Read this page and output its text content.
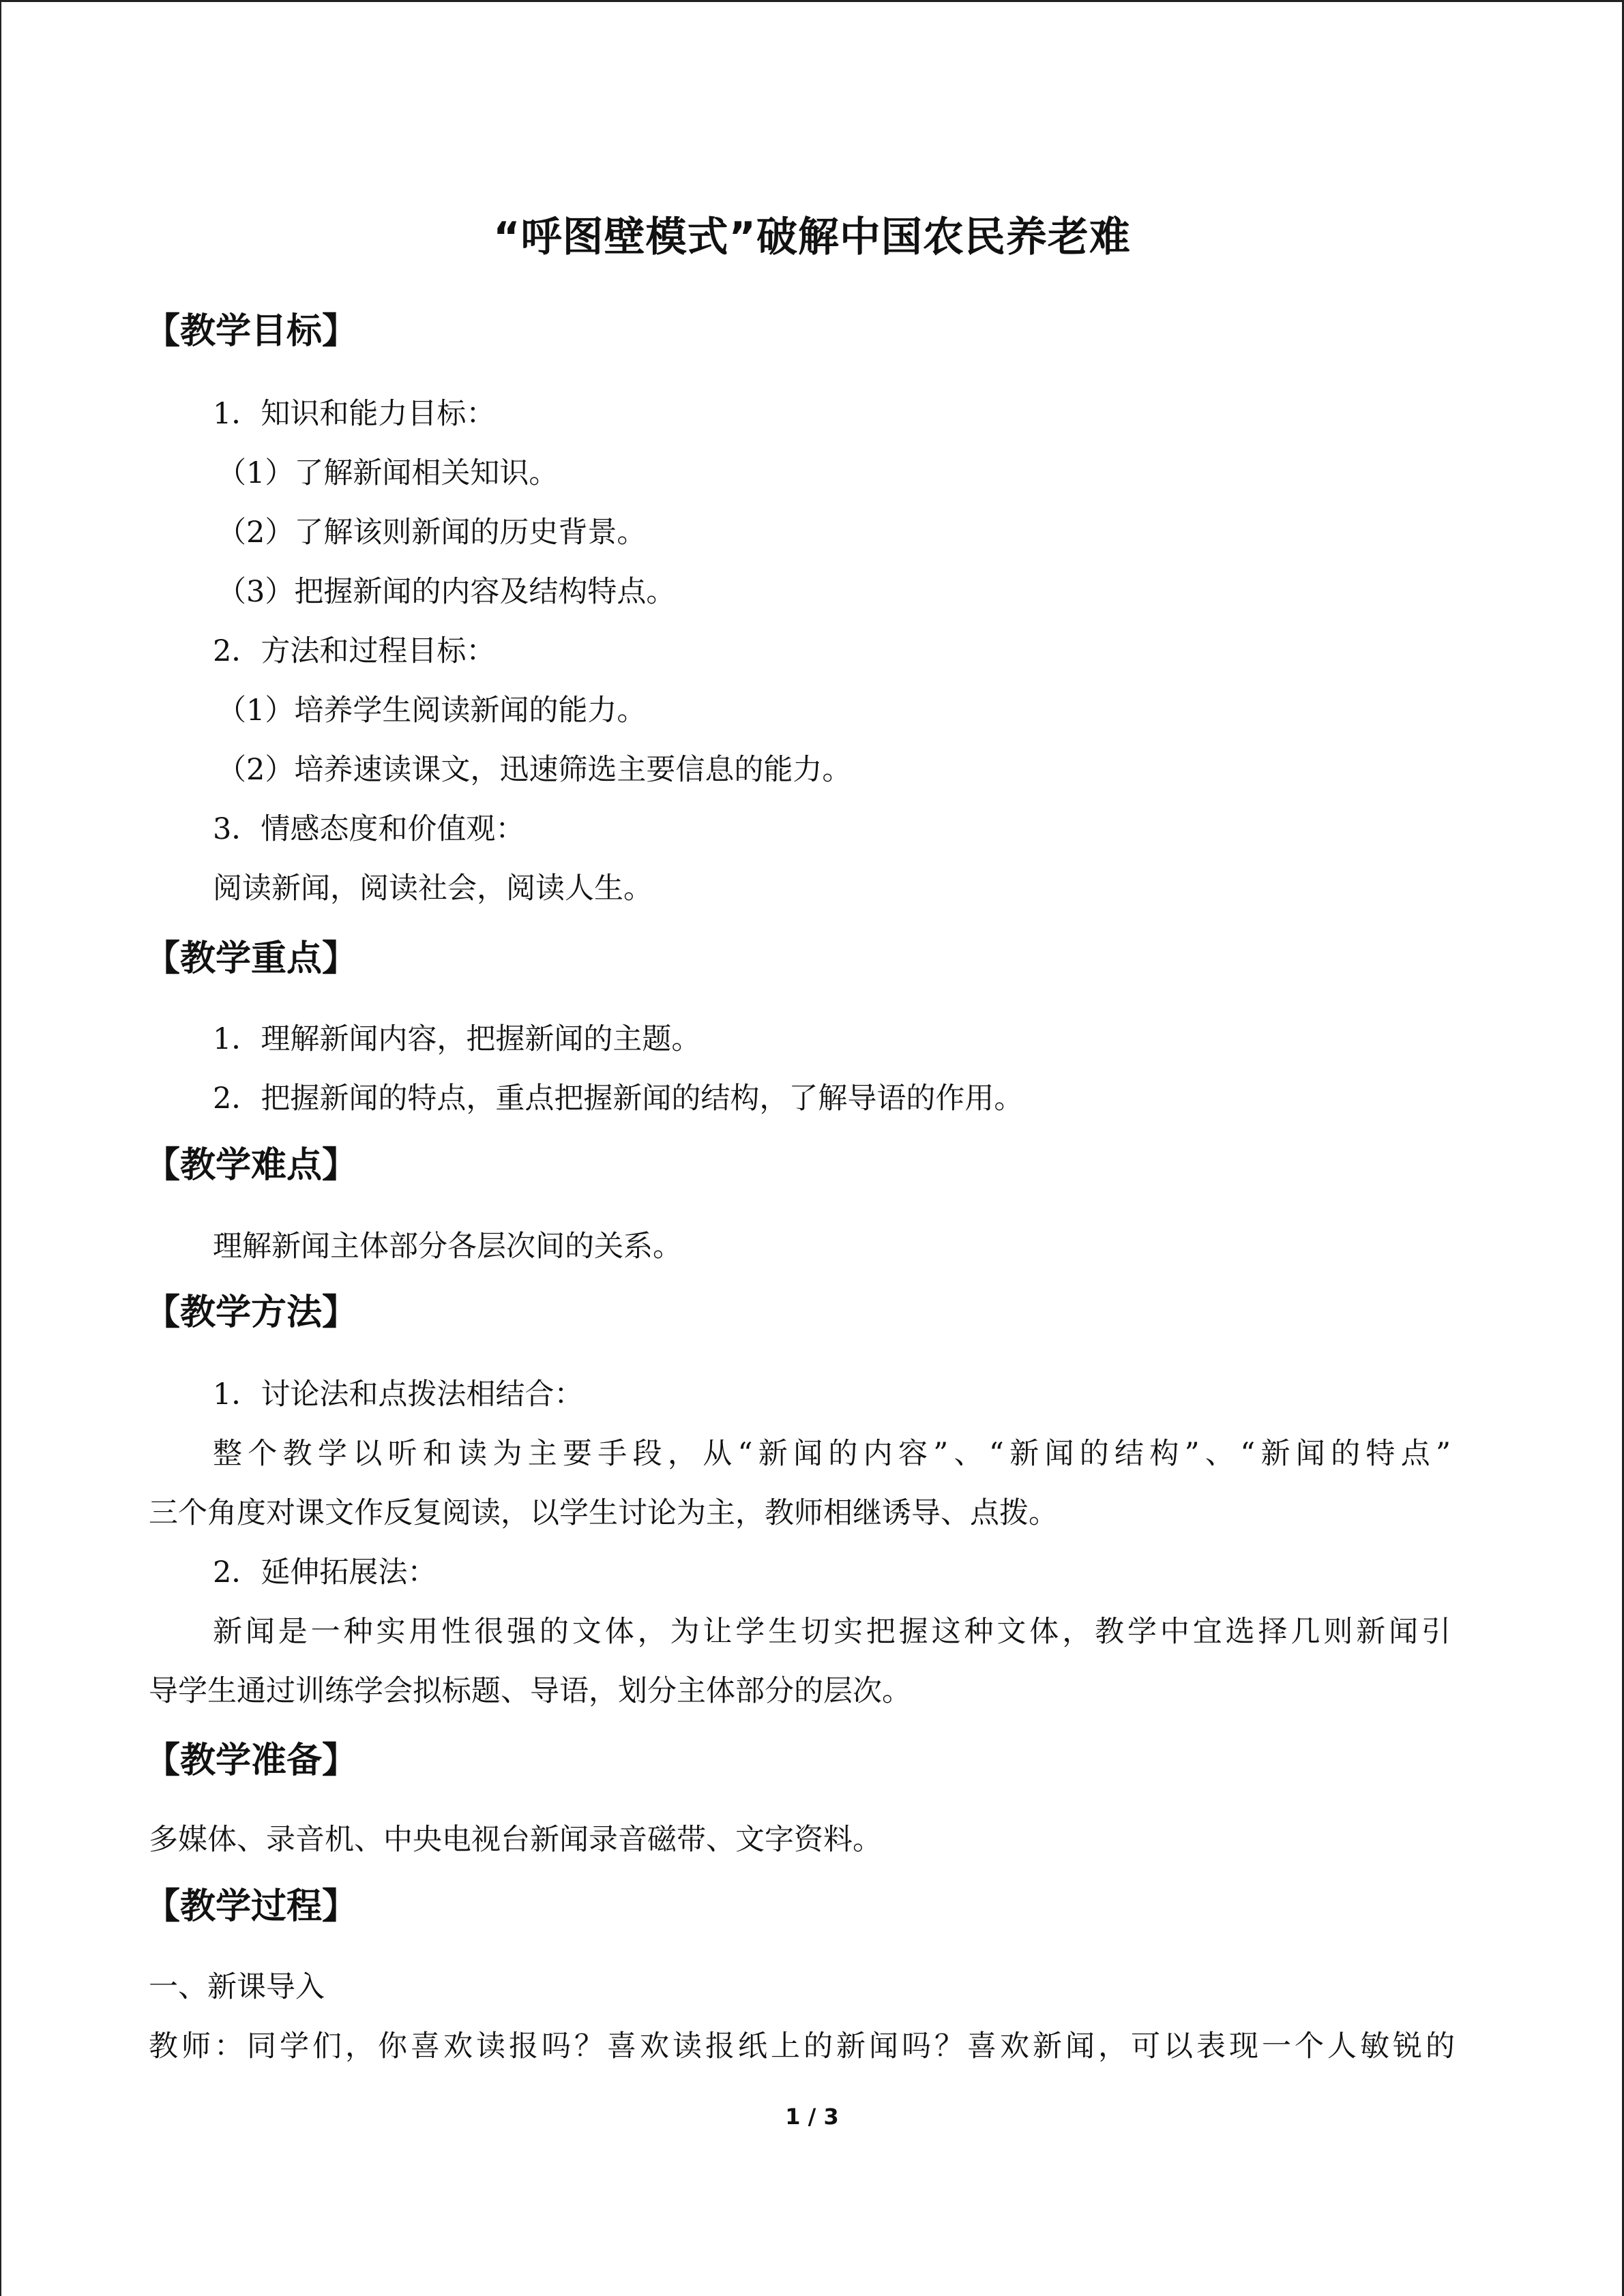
“呼图壁模式”破解中国农民养老难
【教学目标】
1．知识和能力目标：
（1）了解新闻相关知识。
（2）了解该则新闻的历史背景。
（3）把握新闻的内容及结构特点。
2．方法和过程目标：
（1）培养学生阅读新闻的能力。
（2）培养速读课文，迅速筛选主要信息的能力。
3．情感态度和价值观：
阅读新闻，阅读社会，阅读人生。
【教学重点】
1．理解新闻内容，把握新闻的主题。
2．把握新闻的特点，重点把握新闻的结构，了解导语的作用。
【教学难点】
理解新闻主体部分各层次间的关系。
【教学方法】
1．讨论法和点拨法相结合：
整个教学以听和读为主要手段，从“新闻的内容”、“新闻的结构”、“新闻的特点”
三个角度对课文作反复阅读，以学生讨论为主，教师相继诱导、点拨。
2．延伸拓展法：
新闻是一种实用性很强的文体，为让学生切实把握这种文体，教学中宜选择几则新闻引
导学生通过训练学会拟标题、导语，划分主体部分的层次。
【教学准备】
多媒体、录音机、中央电视台新闻录音磁带、文字资料。
【教学过程】
一、新课导入
教师：同学们，你喜欢读报吗？喜欢读报纸上的新闻吗？喜欢新闻，可以表现一个人敏锐的
1 / 3
